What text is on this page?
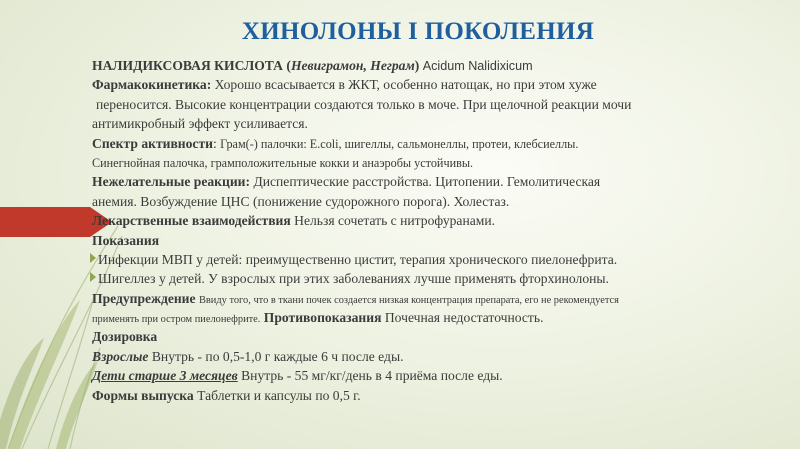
ХИНОЛОНЫ I ПОКОЛЕНИЯ
НАЛИДИКСОВАЯ КИСЛОТА (Невиграмон, Неграм) Acidum Nalidixicum
Фармакокинетика: Хорошо всасывается в ЖКТ, особенно натощак, но при этом хуже
переносится. Высокие концентрации создаются только в моче. При щелочной реакции мочи
антимикробный эффект усиливается.
Спектр активности: Грам(-) палочки: E.coli, шигеллы, сальмонеллы, протеи, клебсиеллы.
Синегнойная палочка, грамположительные кокки и анаэробы устойчивы.
Нежелательные реакции: Диспептические расстройства. Цитопении. Гемолитическая
анемия. Возбуждение ЦНС (понижение судорожного порога). Холестаз.
Лекарственные взаимодействия Нельзя сочетать с нитрофуранами.
Показания
Инфекции МВП у детей: преимущественно цистит, терапия хронического пиелонефрита.
Шигеллез у детей. У взрослых при этих заболеваниях лучше применять фторхинолоны.
Предупреждение Ввиду того, что в ткани почек создается низкая концентрация препарата, его не рекомендуется
применять при остром пиелонефрите. Противопоказания Почечная недостаточность.
Дозировка
Взрослые Внутрь - по 0,5-1,0 г каждые 6 ч после еды.
Дети старше 3 месяцев Внутрь - 55 мг/кг/день в 4 приёма после еды.
Формы выпуска Таблетки и капсулы по 0,5 г.
